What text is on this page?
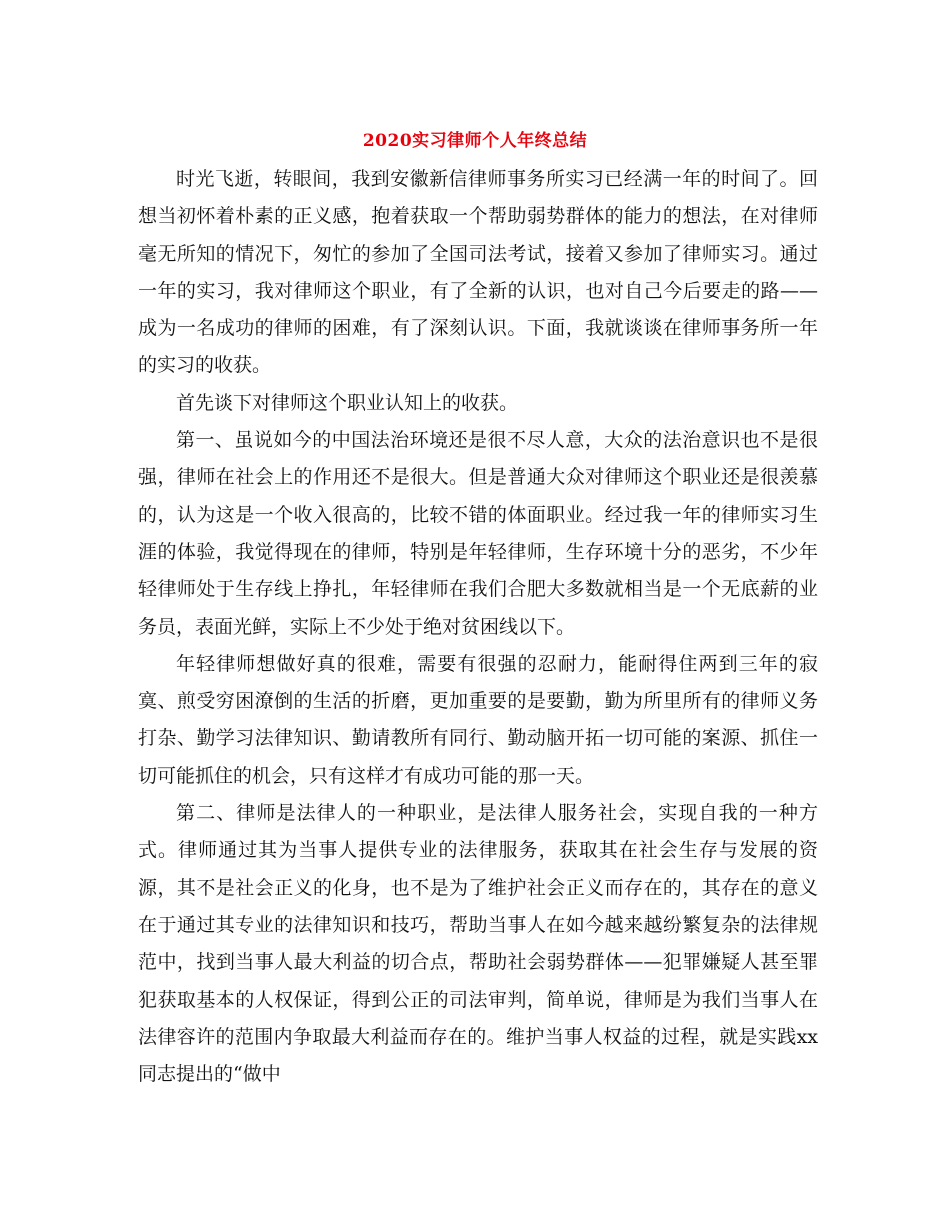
2020实习律师个人年终总结

时光飞逝，转眼间，我到安徽新信律师事务所实习已经满一年的时间了。回想当初怀着朴素的正义感，抱着获取一个帮助弱势群体的能力的想法，在对律师毫无所知的情况下，匆忙的参加了全国司法考试，接着又参加了律师实习。通过一年的实习，我对律师这个职业，有了全新的认识，也对自己今后要走的路——成为一名成功的律师的困难，有了深刻认识。下面，我就谈谈在律师事务所一年的实习的收获。

首先谈下对律师这个职业认知上的收获。

第一、虽说如今的中国法治环境还是很不尽人意，大众的法治意识也不是很强，律师在社会上的作用还不是很大。但是普通大众对律师这个职业还是很羡慕的，认为这是一个收入很高的，比较不错的体面职业。经过我一年的律师实习生涯的体验，我觉得现在的律师，特别是年轻律师，生存环境十分的恶劣，不少年轻律师处于生存线上挣扎，年轻律师在我们合肥大多数就相当是一个无底薪的业务员，表面光鲜，实际上不少处于绝对贫困线以下。

年轻律师想做好真的很难，需要有很强的忍耐力，能耐得住两到三年的寂寞、煎受穷困潦倒的生活的折磨，更加重要的是要勤，勤为所里所有的律师义务打杂、勤学习法律知识、勤请教所有同行、勤动脑开拓一切可能的案源、抓住一切可能抓住的机会，只有这样才有成功可能的那一天。

第二、律师是法律人的一种职业，是法律人服务社会，实现自我的一种方式。律师通过其为当事人提供专业的法律服务，获取其在社会生存与发展的资源，其不是社会正义的化身，也不是为了维护社会正义而存在的，其存在的意义在于通过其专业的法律知识和技巧，帮助当事人在如今越来越纷繁复杂的法律规范中，找到当事人最大利益的切合点，帮助社会弱势群体——犯罪嫌疑人甚至罪犯获取基本的人权保证，得到公正的司法审判，简单说，律师是为我们当事人在法律容许的范围内争取最大利益而存在的。维护当事人权益的过程，就是实践xx同志提出的“做中
